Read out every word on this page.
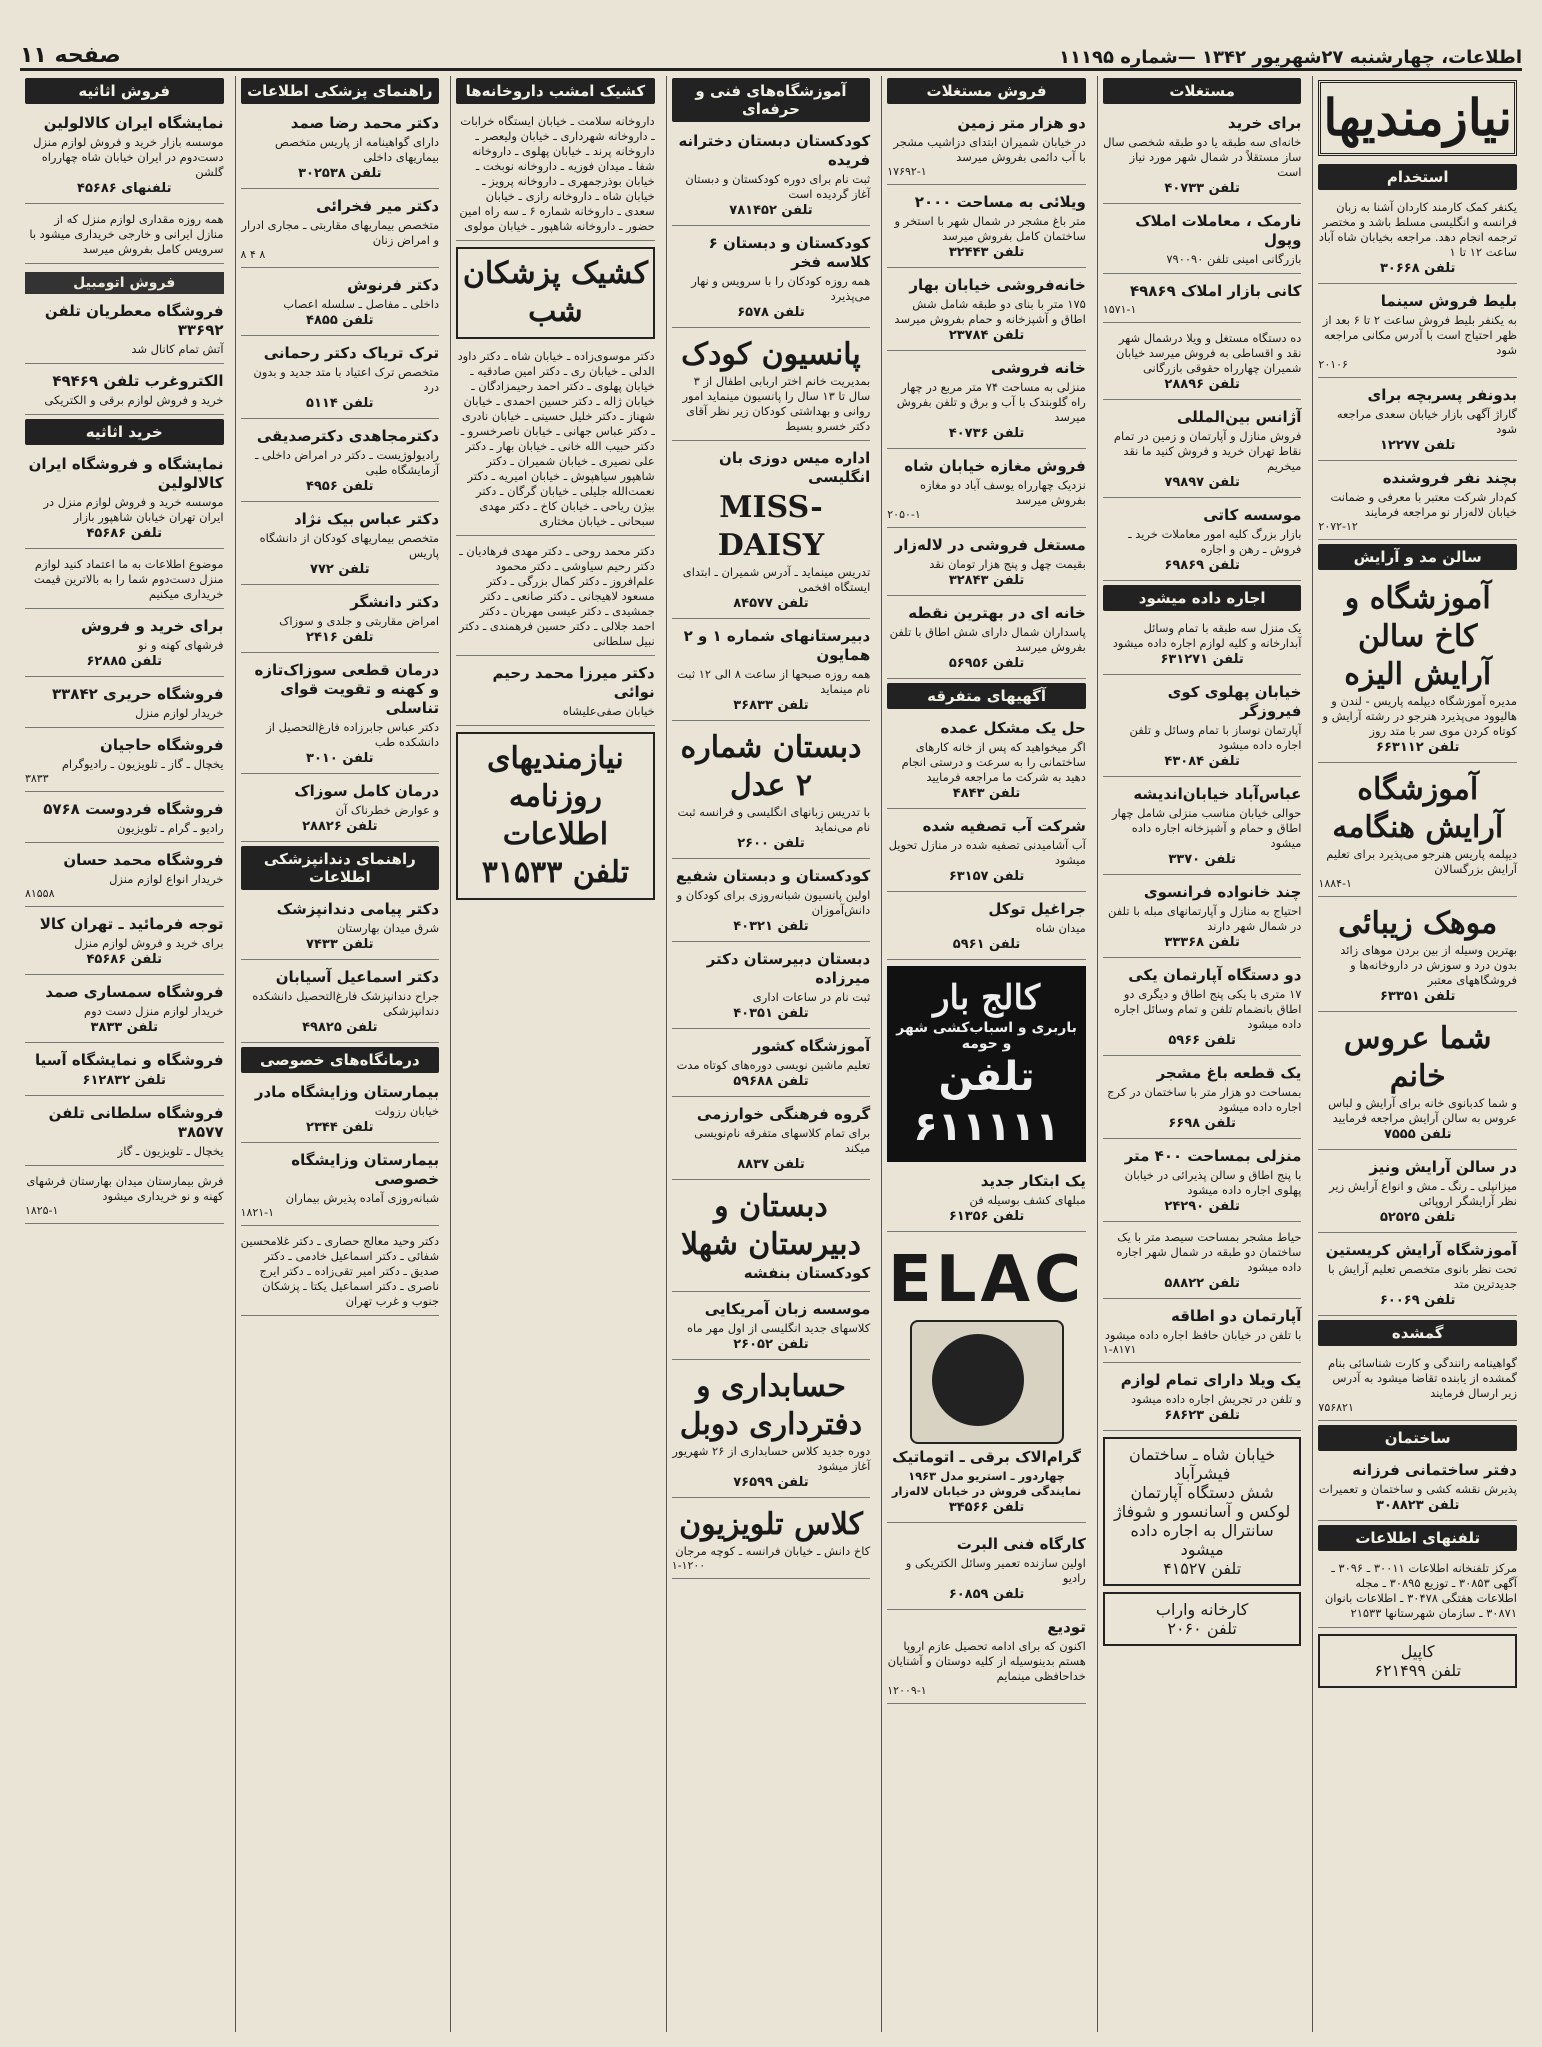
اطلاعات، چهارشنبه ۲۷شهریور ۱۳۴۲ —شماره ۱۱۱۹۵
صفحه ۱۱
نیازمندیها
استخدام
یکنفر کمک کارمند کاردان آشنا به زبان فرانسه و انگلیسی مسلط باشد و مختصر ترجمه انجام دهد. مراجعه بخیابان شاه آباد ساعت ۱۲ تا ۱
تلفن ۳۰۶۶۸
بلیط فروش سینما
به یکنفر بلیط فروش ساعت ۲ تا ۶ بعد از ظهر احتیاج است با آدرس مکانی مراجعه شود
۲۰۱۰۶
بدونفر پسربچه برای
گاراژ آگهی بازار خیابان سعدی مراجعه شود
تلفن ۱۲۲۷۷
بچند نفر فروشنده
کم‌دار شرکت معتبر با معرفی و ضمانت خیابان لاله‌زار نو مراجعه فرمایند
۲۰۷۲-۱۲
سالن مد و آرایش
آموزشگاه و کاخ سالن آرایش الیزه
مدیره آموزشگاه دیپلمه پاریس ‑ لندن و هالیوود می‌پذیرد هنرجو در رشته آرایش و کوتاه کردن موی سر با متد روز
تلفن ۶۶۳۱۱۲
آموزشگاه آرایش هنگامه
دیپلمه پاریس هنرجو می‌پذیرد برای تعلیم آرایش بزرگسالان
۱۸۸۴-۱
موهک زیبائی
بهترین وسیله از بین بردن موهای زائد بدون درد و سوزش در داروخانه‌ها و فروشگاههای معتبر
تلفن ۶۳۳۵۱
شما عروس خانم
و شما کدبانوی خانه برای آرایش و لباس عروس به سالن آرایش مراجعه فرمایید
تلفن ۷۵۵۵
در سالن آرایش ونیز
میزانپلی ـ رنگ ـ مش و انواع آرایش زیر نظر آرایشگر اروپائی
تلفن ۵۲۵۲۵
آموزشگاه آرایش کریستین
تحت نظر بانوی متخصص تعلیم آرایش با جدیدترین متد
تلفن ۶۰۰۶۹
گمشده
گواهینامه رانندگی و کارت شناسائی بنام گمشده از یابنده تقاضا میشود به آدرس زیر ارسال فرمایند
۷۵۶۸۲۱
ساختمان
دفتر ساختمانی فرزانه
پذیرش نقشه کشی و ساختمان و تعمیرات
تلفن ۳۰۸۸۲۳
تلفنهای اطلاعات
مرکز تلفنخانه اطلاعات ۳۰۰۱۱ ـ ۳۰۹۶ ـ آگهی ۳۰۸۵۳ ـ توزیع ۳۰۸۹۵ ـ مجله اطلاعات هفتگی ۳۰۴۷۸ ـ اطلاعات بانوان ۳۰۸۷۱ ـ سازمان شهرستانها ۲۱۵۳۳
کاپیل
تلفن ۶۲۱۴۹۹
مستغلات
برای خرید
خانه‌ای سه طبقه یا دو طبقه شخصی سال ساز مستقلاً در شمال شهر مورد نیاز است
تلفن ۴۰۷۳۳
نارمک ، معاملات املاک وپول
بازرگانی امینی تلفن ۷۹۰۰۹۰
کانی بازار املاک ۴۹۸۶۹
۱۵۷۱-۱
ده دستگاه مستغل و ویلا درشمال شهر نقد و اقساطی به فروش میرسد خیابان شمیران چهارراه حقوقی بازرگانی
تلفن ۲۸۸۹۶
آژانس بین‌المللی
فروش منازل و آپارتمان و زمین در تمام نقاط تهران خرید و فروش کنید ما نقد میخریم
تلفن ۷۹۸۹۷
موسسه کاتی
بازار بزرگ کلیه امور معاملات خرید ـ فروش ـ رهن و اجاره
تلفن ۶۹۸۶۹
اجاره داده میشود
یک منزل سه طبقه با تمام وسائل آبدارخانه و کلیه لوازم اجاره داده میشود
تلفن ۶۳۱۲۷۱
خیابان پهلوی کوی فیروزگر
آپارتمان نوساز با تمام وسائل و تلفن اجاره داده میشود
تلفن ۴۳۰۸۴
عباس‌آباد خیابان‌اندیشه
حوالی خیابان مناسب منزلی شامل چهار اطاق و حمام و آشپزخانه اجاره داده میشود
تلفن ۳۳۷۰
چند خانواده فرانسوی
احتیاج به منازل و آپارتمانهای مبله با تلفن در شمال شهر دارند
تلفن ۳۳۳۶۸
دو دستگاه آپارتمان یکی
۱۷ متری با یکی پنج اطاق و دیگری دو اطاق بانضمام تلفن و تمام وسائل اجاره داده میشود
تلفن ۵۹۶۶
یک قطعه باغ مشجر
بمساحت دو هزار متر با ساختمان در کرج اجاره داده میشود
تلفن ۶۶۹۸
منزلی بمساحت ۴۰۰ متر
با پنج اطاق و سالن پذیرائی در خیابان پهلوی اجاره داده میشود
تلفن ۲۴۲۹۰
حیاط مشجر بمساحت سیصد متر با یک ساختمان دو طبقه در شمال شهر اجاره داده میشود
تلفن ۵۸۸۲۲
آپارتمان دو اطاقه
با تلفن در خیابان حافظ اجاره داده میشود
۱-۸۱۷۱
یک ویلا دارای تمام لوازم
و تلفن در تجریش اجاره داده میشود
تلفن ۶۸۶۲۳
خیابان شاه ـ ساختمان فیشرآباد
شش دستگاه آپارتمان لوکس و آسانسور و شوفاژ سانترال به اجاره داده میشود
تلفن ۴۱۵۲۷
کارخانه واراب
تلفن ۲۰۶۰
فروش مستغلات
دو هزار متر زمین
در خیابان شمیران ابتدای دزاشیب مشجر با آب دائمی بفروش میرسد
۱۷۶۹۲-۱
ویلائی به مساحت ۲۰۰۰
متر باغ مشجر در شمال شهر با استخر و ساختمان کامل بفروش میرسد
تلفن ۳۲۴۴۳
خانه‌فروشی خیابان بهار
۱۷۵ متر با بنای دو طبقه شامل شش اطاق و آشپزخانه و حمام بفروش میرسد
تلفن ۲۳۷۸۴
خانه فروشی
منزلی به مساحت ۷۴ متر مربع در چهار راه گلوبندک با آب و برق و تلفن بفروش میرسد
تلفن ۴۰۷۳۶
فروش مغازه خیابان شاه
نزدیک چهارراه یوسف آباد دو مغازه بفروش میرسد
۲۰۵۰-۱
مستغل فروشی در لاله‌زار
بقیمت چهل و پنج هزار تومان نقد
تلفن ۳۲۸۴۳
خانه ای در بهترین نقطه
پاسداران شمال دارای شش اطاق با تلفن بفروش میرسد
تلفن ۵۶۹۵۶
آگهیهای متفرقه
حل یک مشکل عمده
اگر میخواهید که پس از خانه کارهای ساختمانی را به سرعت و درستی انجام دهید به شرکت ما مراجعه فرمایید
تلفن ۴۸۴۳
شرکت آب تصفیه شده
آب آشامیدنی تصفیه شده در منازل تحویل میشود
تلفن ۶۳۱۵۷
جراغیل توکل
میدان شاه
تلفن ۵۹۶۱
کالج بار
باربری و اسباب‌کشی شهر و حومه
تلفن ۶۱۱۱۱۱
یک ابتکار جدید
مبلهای کشف بوسیله فن
تلفن ۶۱۳۵۶
ELAC
گرام‌الاک برقی ـ اتوماتیک
چهاردور ـ استریو مدل ۱۹۶۳ نمایندگی فروش در خیابان لاله‌زار
تلفن ۳۴۵۶۶
کارگاه فنی البرت
اولین سازنده تعمیر وسائل الکتریکی و رادیو
تلفن ۶۰۸۵۹
تودیع
اکنون که برای ادامه تحصیل عازم اروپا هستم بدینوسیله از کلیه دوستان و آشنایان خداحافظی مینمایم
۱۲۰۰۹-۱
آموزشگاه‌های فنی و حرفه‌ای
کودکستان دبستان دخترانه فریده
ثبت نام برای دوره کودکستان و دبستان آغاز گردیده است
تلفن ۷۸۱۴۵۲
کودکستان و دبستان ۶ کلاسه فخر
همه روزه کودکان را با سرویس و نهار می‌پذیرد
تلفن ۶۵۷۸
پانسیون کودک
بمدیریت خانم اختر اربابی اطفال از ۳ سال تا ۱۳ سال را پانسیون مینماید امور روانی و بهداشتی کودکان زیر نظر آقای دکتر خسرو بسیط
اداره میس دوزی بان انگلیسی
MISS-DAISY
تدریس مینماید ـ آدرس شمیران ـ ابتدای ایستگاه افخمی
تلفن ۸۴۵۷۷
دبیرستانهای شماره ۱ و ۲ همایون
همه روزه صبحها از ساعت ۸ الی ۱۲ ثبت نام مینماید
تلفن ۳۶۸۳۳
دبستان شماره ۲ عدل
با تدریس زبانهای انگلیسی و فرانسه ثبت نام می‌نماید
تلفن ۲۶۰۰
کودکستان و دبستان شفیع
اولین پانسیون شبانه‌روزی برای کودکان و دانش‌آموزان
تلفن ۴۰۳۲۱
دبستان دبیرستان دکتر میرزاده
ثبت نام در ساعات اداری
تلفن ۴۰۳۵۱
آموزشگاه کشور
تعلیم ماشین نویسی دوره‌های کوتاه مدت
تلفن ۵۹۶۸۸
گروه فرهنگی خوارزمی
برای تمام کلاسهای متفرقه نام‌نویسی میکند
تلفن ۸۸۳۷
دبستان و دبیرستان شهلا
کودکستان بنفشه
موسسه زبان آمریکایی
کلاسهای جدید انگلیسی از اول مهر ماه
تلفن ۲۶۰۵۲
حسابداری و دفترداری دوبل
دوره جدید کلاس حسابداری از ۲۶ شهریور آغاز میشود
تلفن ۷۶۵۹۹
کلاس تلویزیون
کاخ دانش ـ خیابان فرانسه ـ کوچه مرجان
۱-۱۲۰۰
کشیک امشب داروخانه‌ها
داروخانه سلامت ـ خیابان ایستگاه خرابات ـ داروخانه شهرداری ـ خیابان ولیعصر ـ داروخانه پرند ـ خیابان پهلوی ـ داروخانه شفا ـ میدان فوزیه ـ داروخانه نوبخت ـ خیابان بوذرجمهری ـ داروخانه پرویز ـ خیابان شاه ـ داروخانه رازی ـ خیابان سعدی ـ داروخانه شماره ۶ ـ سه راه امین حضور ـ داروخانه شاهپور ـ خیابان مولوی
کشیک پزشکان شب
دکتر موسوی‌زاده ـ خیابان شاه ـ دکتر داود الدلی ـ خیابان ری ـ دکتر امین صادقیه ـ خیابان پهلوی ـ دکتر احمد رحیمزادگان ـ خیابان ژاله ـ دکتر حسین احمدی ـ خیابان شهناز ـ دکتر خلیل حسینی ـ خیابان نادری ـ دکتر عباس جهانی ـ خیابان ناصرخسرو ـ دکتر حبیب الله خانی ـ خیابان بهار ـ دکتر علی نصیری ـ خیابان شمیران ـ دکتر شاهپور سیاهپوش ـ خیابان امیریه ـ دکتر نعمت‌الله جلیلی ـ خیابان گرگان ـ دکتر بیژن ریاحی ـ خیابان کاخ ـ دکتر مهدی سبحانی ـ خیابان مختاری
دکتر محمد روحی ـ دکتر مهدی فرهادیان ـ دکتر رحیم سیاوشی ـ دکتر محمود علم‌افروز ـ دکتر کمال بزرگی ـ دکتر مسعود لاهیجانی ـ دکتر صانعی ـ دکتر جمشیدی ـ دکتر عیسی مهربان ـ دکتر احمد جلالی ـ دکتر حسین فرهمندی ـ دکتر نبیل سلطانی
دکتر میرزا محمد رحیم نوائی
خیابان صفی‌علیشاه
نیازمندیهای روزنامه اطلاعات
تلفن ۳۱۵۳۳
راهنمای پزشکی اطلاعات
دکتر محمد رضا صمد
دارای گواهینامه از پاریس متخصص بیماریهای داخلی
تلفن ۳۰۲۵۳۸
دکتر میر فخرائی
متخصص بیماریهای مقاربتی ـ مجاری ادرار و امراض زنان
۸ ۴ ۸
دکتر فرنوش
داخلی ـ مفاصل ـ سلسله اعصاب
تلفن ۴۸۵۵
ترک تریاک دکتر رحمانی
متخصص ترک اعتیاد با متد جدید و بدون درد
تلفن ۵۱۱۴
دکترمجاهدی دکترصدیقی
رادیولوژیست ـ دکتر در امراض داخلی ـ آزمایشگاه طبی
تلفن ۴۹۵۶
دکتر عباس بیک نژاد
متخصص بیماریهای کودکان از دانشگاه پاریس
تلفن ۷۷۲
دکتر دانشگر
امراض مقاربتی و جلدی و سوزاک
تلفن ۲۴۱۶
درمان قطعی سوزاک‌تازه و کهنه و تقویت قوای تناسلی
دکتر عباس جابرزاده فارغ‌التحصیل از دانشکده طب
تلفن ۳۰۱۰
درمان کامل سوزاک
و عوارض خطرناک آن
تلفن ۲۸۸۲۶
راهنمای دندانپزشکی اطلاعات
دکتر پیامی دندانپزشک
شرق میدان بهارستان
تلفن ۷۴۳۳
دکتر اسماعیل آسیابان
جراح دندانپزشک فارغ‌التحصیل دانشکده دندانپزشکی
تلفن ۴۹۸۲۵
درمانگاه‌های خصوصی
بیمارستان وزایشگاه مادر
خیابان رزولت
تلفن ۲۳۴۴
بیمارستان وزایشگاه خصوصی
شبانه‌روزی آماده پذیرش بیماران
۱۸۲۱-۱
دکتر وحید معالج حصاری ـ دکتر غلامحسین شفائی ـ دکتر اسماعیل خادمی ـ دکتر صدیق ـ دکتر امیر تقی‌زاده ـ دکتر ایرج ناصری ـ دکتر اسماعیل یکتا ـ پزشکان جنوب و غرب تهران
فروش اثاثیه
نمایشگاه ایران کالالولین
موسسه بازار خرید و فروش لوازم منزل دست‌دوم در ایران خیابان شاه چهارراه گلشن
تلفنهای ۴۵۶۸۶
همه روزه مقداری لوازم منزل که از منازل ایرانی و خارجی خریداری میشود با سرویس کامل بفروش میرسد
فروش اتومبیل
فروشگاه معطریان تلفن ۳۳۶۹۲
آتش تمام کانال شد
الکتروغرب تلفن ۴۹۴۶۹
خرید و فروش لوازم برقی و الکتریکی
خرید اثاثیه
نمایشگاه و فروشگاه ایران کالالولین
موسسه خرید و فروش لوازم منزل در ایران تهران خیابان شاهپور بازار
تلفن ۴۵۶۸۶
موضوع اطلاعات به ما اعتماد کنید لوازم منزل دست‌دوم شما را به بالاترین قیمت خریداری میکنیم
برای خرید و فروش
فرشهای کهنه و نو
تلفن ۶۲۸۸۵
فروشگاه حریری ۳۳۸۴۲
خریدار لوازم منزل
فروشگاه حاجیان
یخچال ـ گاز ـ تلویزیون ـ رادیوگرام
۳۸۳۳
فروشگاه فردوست ۵۷۶۸
رادیو ـ گرام ـ تلویزیون
فروشگاه محمد حسان
خریدار انواع لوازم منزل
۸۱۵۵۸
توجه فرمائید ـ تهران کالا
برای خرید و فروش لوازم منزل
تلفن ۴۵۶۸۶
فروشگاه سمساری صمد
خریدار لوازم منزل دست دوم
تلفن ۳۸۳۳
فروشگاه و نمایشگاه آسیا
تلفن ۶۱۲۸۳۲
فروشگاه سلطانی تلفن ۳۸۵۷۷
یخچال ـ تلویزیون ـ گاز
فرش بیمارستان میدان بهارستان فرشهای کهنه و نو خریداری میشود
۱۸۲۵-۱
